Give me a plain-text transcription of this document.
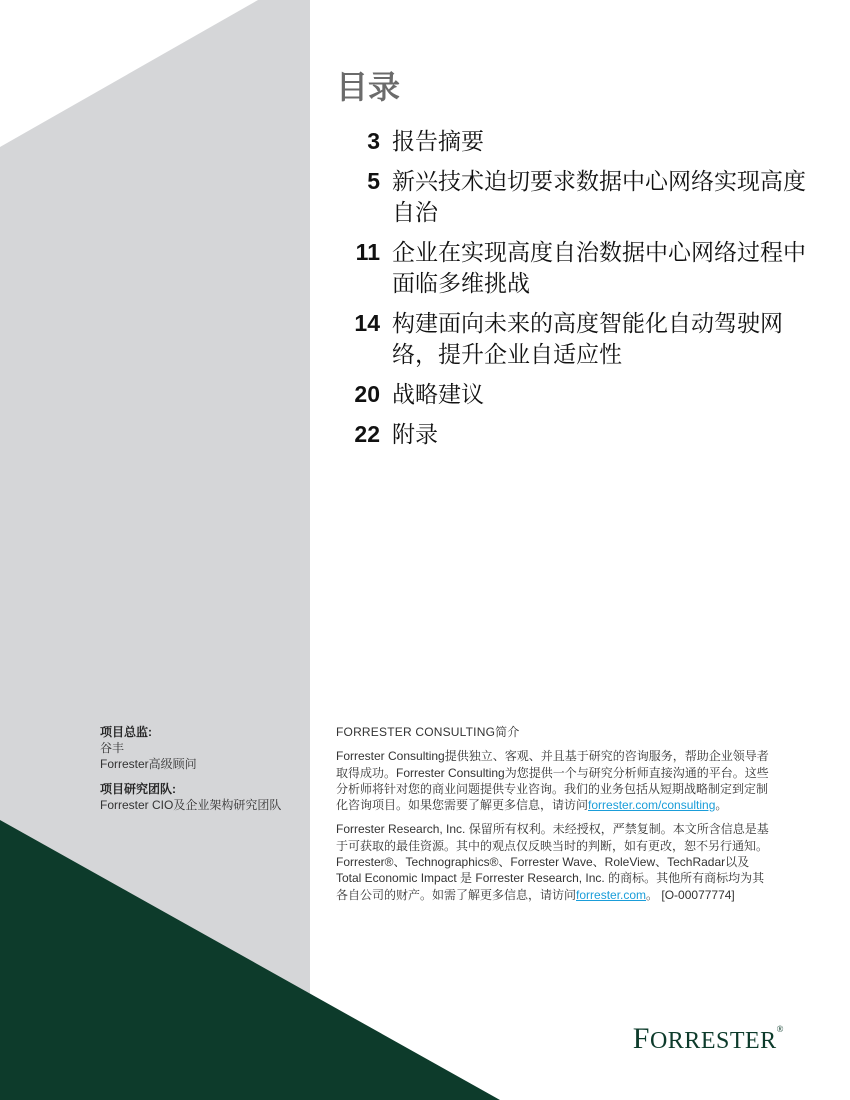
目录
3 报告摘要
5 新兴技术迫切要求数据中心网络实现高度自治
11 企业在实现高度自治数据中心网络过程中面临多维挑战
14 构建面向未来的高度智能化自动驾驶网络，提升企业自适应性
20 战略建议
22 附录
项目总监:
谷丰
Forrester高级顾问
项目研究团队:
Forrester CIO及企业架构研究团队
FORRESTER CONSULTING简介

Forrester Consulting提供独立、客观、并且基于研究的咨询服务，帮助企业领导者取得成功。Forrester Consulting为您提供一个与研究分析师直接沟通的平台。这些分析师将针对您的商业问题提供专业咨询。我们的业务包括从短期战略制定到定制化咨询项目。如果您需要了解更多信息，请访问forrester.com/consulting。

Forrester Research, Inc. 保留所有权利。未经授权，严禁复制。本文所含信息是基于可获取的最佳资源。其中的观点仅反映当时的判断，如有更改，恕不另行通知。Forrester®、Technographics®、Forrester Wave、RoleView、TechRadar以及 Total Economic Impact 是 Forrester Research, Inc. 的商标。其他所有商标均为其各自公司的财产。如需了解更多信息，请访问forrester.com。 [O-00077774]

FORRESTER®
